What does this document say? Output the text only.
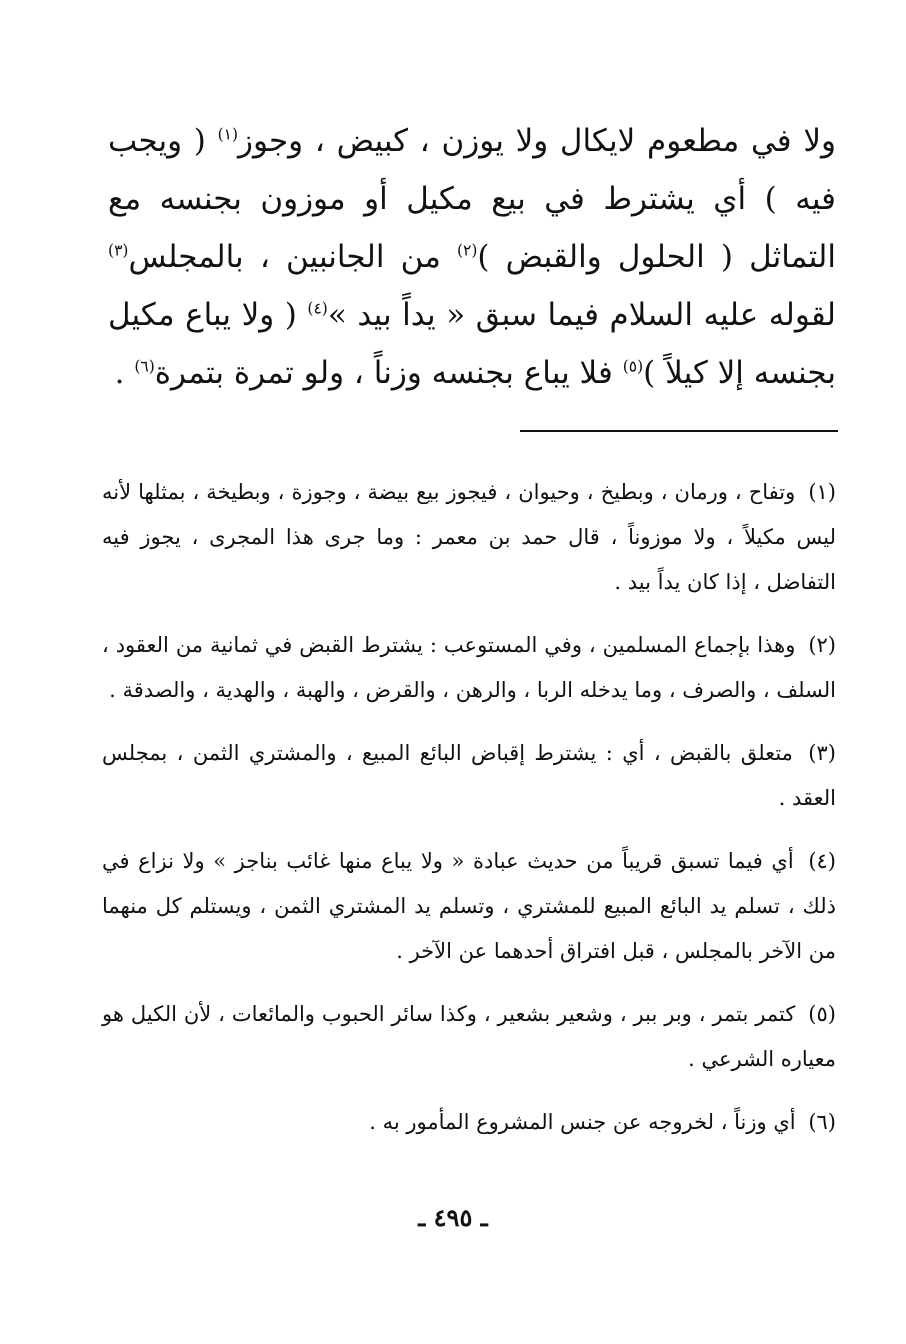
ولا في مطعوم لايكال ولا يوزن ، كبيض ، وجوز$^{(١)}$ ( ويجب فيه ) أي يشترط في بيع مكيل أو موزون بجنسه مع التماثل ( الحلول والقبض )$^{(٢)}$ من الجانبين ، بالمجلس$^{(٣)}$ لقوله عليه السلام فيما سبق « يداً بيد »$^{(٤)}$ ( ولا يباع مكيل بجنسه إلا كيلاً )$^{(٥)}$ فلا يباع بجنسه وزناً ، ولو تمرة بتمرة$^{(٦)}$ .

(١) وتفاح ، ورمان ، وبطيخ ، وحيوان ، فيجوز بيع بيضة ، وجوزة ، وبطيخة ، بمثلها لأنه ليس مكيلاً ، ولا موزوناً ، قال حمد بن معمر : وما جرى هذا المجرى ، يجوز فيه التفاضل ، إذا كان يداً بيد .

(٢) وهذا بإجماع المسلمين ، وفي المستوعب : يشترط القبض في ثمانية من العقود ، السلف ، والصرف ، وما يدخله الربا ، والرهن ، والقرض ، والهبة ، والهدية ، والصدقة .

(٣) متعلق بالقبض ، أي : يشترط إقباض البائع المبيع ، والمشتري الثمن ، بمجلس العقد .

(٤) أي فيما تسبق قريباً من حديث عبادة « ولا يباع منها غائب بناجز » ولا نزاع في ذلك ، تسلم يد البائع المبيع للمشتري ، وتسلم يد المشتري الثمن ، ويستلم كل منهما من الآخر بالمجلس ، قبل افتراق أحدهما عن الآخر .

(٥) كتمر بتمر ، وبر ببر ، وشعير بشعير ، وكذا سائر الحبوب والمائعات ، لأن الكيل هو معياره الشرعي .

(٦) أي وزناً ، لخروجه عن جنس المشروع المأمور به .

ـ ٤٩٥ ـ
